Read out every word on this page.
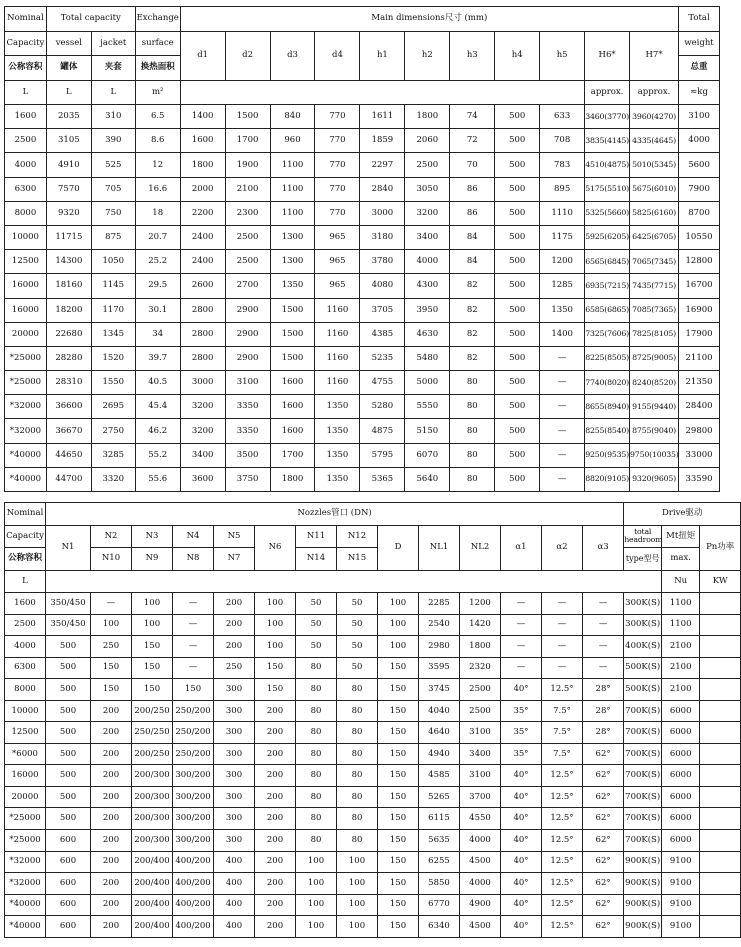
Nominal	Total capacity		Exchange	Main dimensions尺寸 (mm)											Total
Capacity	vessel	jacket	surface	d1	d2	d3	d4	h1	h2	h3	h4	h5	H6*	H7*	weight
公称容积	罐体	夹套	换热面积												总重
L	L	L	m²										approx.	approx.	≈kg
1600	2035	310	6.5	1400	1500	840	770	1611	1800	74	500	633	3460(3770)	3960(4270)	3100
2500	3105	390	8.6	1600	1700	960	770	1859	2060	72	500	708	3835(4145)	4335(4645)	4000
4000	4910	525	12	1800	1900	1100	770	2297	2500	70	500	783	4510(4875)	5010(5345)	5600
6300	7570	705	16.6	2000	2100	1100	770	2840	3050	86	500	895	5175(5510)	5675(6010)	7900
8000	9320	750	18	2200	2300	1100	770	3000	3200	86	500	1110	5325(5660)	5825(6160)	8700
10000	11715	875	20.7	2400	2500	1300	965	3180	3400	84	500	1175	5925(6205)	6425(6705)	10550
12500	14300	1050	25.2	2400	2500	1300	965	3780	4000	84	500	1200	6565(6845)	7065(7345)	12800
16000	18160	1145	29.5	2600	2700	1350	965	4080	4300	82	500	1285	6935(7215)	7435(7715)	16700
16000	18200	1170	30.1	2800	2900	1500	1160	3705	3950	82	500	1350	6585(6865)	7085(7365)	16900
20000	22680	1345	34	2800	2900	1500	1160	4385	4630	82	500	1400	7325(7606)	7825(8105)	17900
*25000	28280	1520	39.7	2800	2900	1500	1160	5235	5480	82	500	—	8225(8505)	8725(9005)	21100
*25000	28310	1550	40.5	3000	3100	1600	1160	4755	5000	80	500	—	7740(8020)	8240(8520)	21350
*32000	36600	2695	45.4	3200	3350	1600	1350	5280	5550	80	500	—	8655(8940)	9155(9440)	28400
*32000	36670	2750	46.2	3200	3350	1600	1350	4875	5150	80	500	—	8255(8540)	8755(9040)	29800
*40000	44650	3285	55.2	3400	3500	1700	1350	5795	6070	80	500	—	9250(9535)	9750(10035)	33000
*40000	44700	3320	55.6	3600	3750	1800	1350	5365	5640	80	500	—	8820(9105)	9320(9605)	33590
Nominal	Nozzles管口 (DN)														Drive驱动		
Capacity	N1	N2	N3	N4	N5	N6	N11	N12	D	NL1	NL2	α1	α2	α3	total headroom	Mt扭矩	Pn功率
公称容积		N10	N9	N8	N7		N14	N15							type型号	max.	
L																Nu	KW
1600	350/450	—	100	—	200	100	50	50	100	2285	1200	—	—	—	300K(S)	1100	
2500	350/450	100	100	—	200	100	50	50	100	2540	1420	—	—	—	300K(S)	1100	
4000	500	250	150	—	200	100	50	50	100	2980	1800	—	—	—	400K(S)	2100	
6300	500	150	150	—	250	150	80	50	150	3595	2320	—	—	—	500K(S)	2100	
8000	500	150	150	150	300	150	80	80	150	3745	2500	40°	12.5°	28°	500K(S)	2100	
10000	500	200	200/250	250/200	300	200	80	80	150	4040	2500	35°	7.5°	28°	700K(S)	6000	
12500	500	200	250/250	250/200	300	200	80	80	150	4640	3100	35°	7.5°	28°	700K(S)	6000	
*6000	500	200	200/250	250/200	300	200	80	80	150	4940	3400	35°	7.5°	62°	700K(S)	6000	
16000	500	200	200/300	300/200	300	200	80	80	150	4585	3100	40°	12.5°	62°	700K(S)	6000	
20000	500	200	200/300	300/200	300	200	80	80	150	5265	3700	40°	12.5°	62°	700K(S)	6000	
*25000	500	200	200/300	300/200	300	200	80	80	150	6115	4550	40°	12.5°	62°	700K(S)	6000	
*25000	600	200	200/300	300/200	300	200	80	80	150	5635	4000	40°	12.5°	62°	700K(S)	6000	
*32000	600	200	200/400	400/200	400	200	100	100	150	6255	4500	40°	12.5°	62°	900K(S)	9100	
*32000	600	200	200/400	400/200	400	200	100	100	150	5850	4000	40°	12.5°	62°	900K(S)	9100	
*40000	600	200	200/400	400/200	400	200	100	100	150	6770	4900	40°	12.5°	62°	900K(S)	9100	
*40000	600	200	200/400	400/200	400	200	100	100	150	6340	4500	40°	12.5°	62°	900K(S)	9100	
